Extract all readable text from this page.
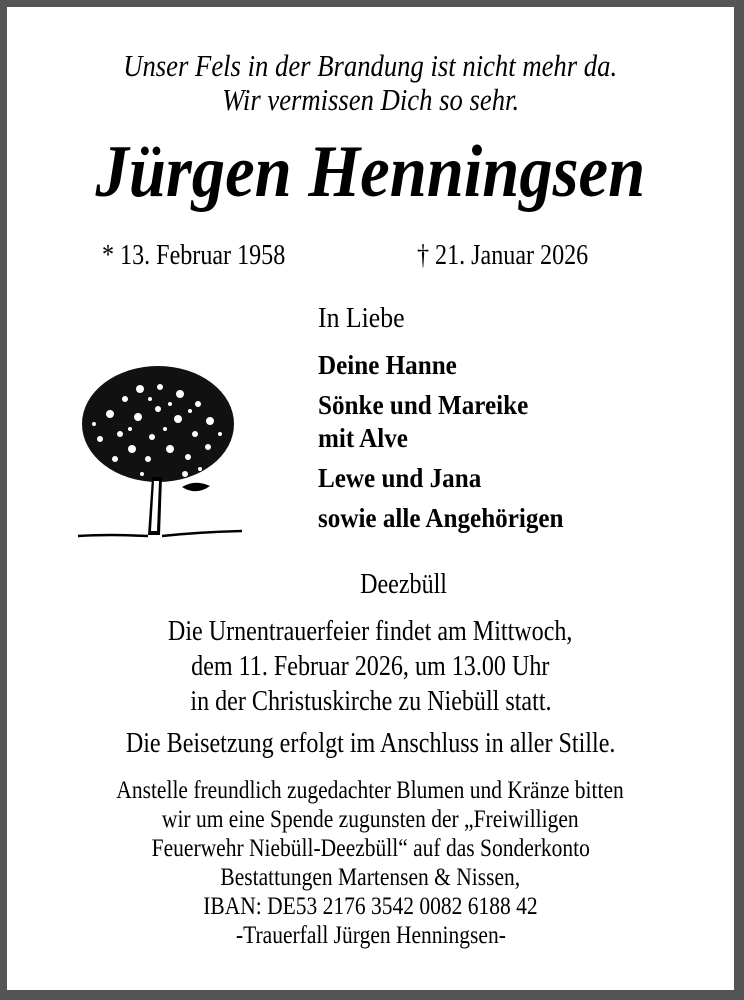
Unser Fels in der Brandung ist nicht mehr da.
Wir vermissen Dich so sehr.
Jürgen Henningsen
* 13. Februar 1958	† 21. Januar 2026
In Liebe
Deine Hanne
Sönke und Mareike
mit Alve
Lewe und Jana
sowie alle Angehörigen
Deezbüll
Die Urnentrauerfeier findet am Mittwoch,
dem 11. Februar 2026, um 13.00 Uhr
in der Christuskirche zu Niebüll statt.
Die Beisetzung erfolgt im Anschluss in aller Stille.
Anstelle freundlich zugedachter Blumen und Kränze bitten
wir um eine Spende zugunsten der „Freiwilligen
Feuerwehr Niebüll-Deezbüll“ auf das Sonderkonto
Bestattungen Martensen & Nissen,
IBAN: DE53 2176 3542 0082 6188 42
-Trauerfall Jürgen Henningsen-
